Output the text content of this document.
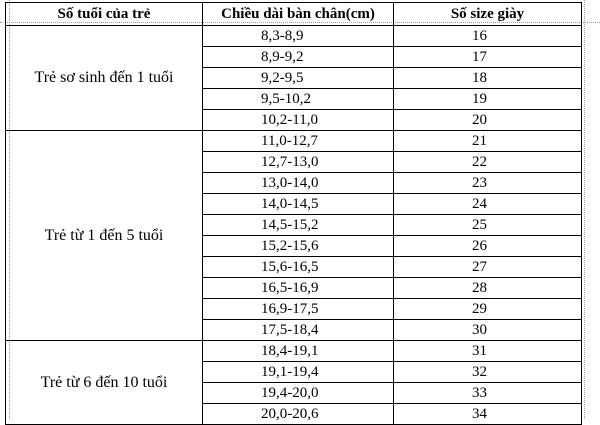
Số tuổi của trẻ	Chiều dài bàn chân(cm)	Số size giày
Trẻ sơ sinh đến 1 tuổi	8,3-8,9	16
	8,9-9,2	17
	9,2-9,5	18
	9,5-10,2	19
	10,2-11,0	20
Trẻ từ 1 đến 5 tuổi	11,0-12,7	21
	12,7-13,0	22
	13,0-14,0	23
	14,0-14,5	24
	14,5-15,2	25
	15,2-15,6	26
	15,6-16,5	27
	16,5-16,9	28
	16,9-17,5	29
	17,5-18,4	30
Trẻ từ 6 đến 10 tuổi	18,4-19,1	31
	19,1-19,4	32
	19,4-20,0	33
	20,0-20,6	34
